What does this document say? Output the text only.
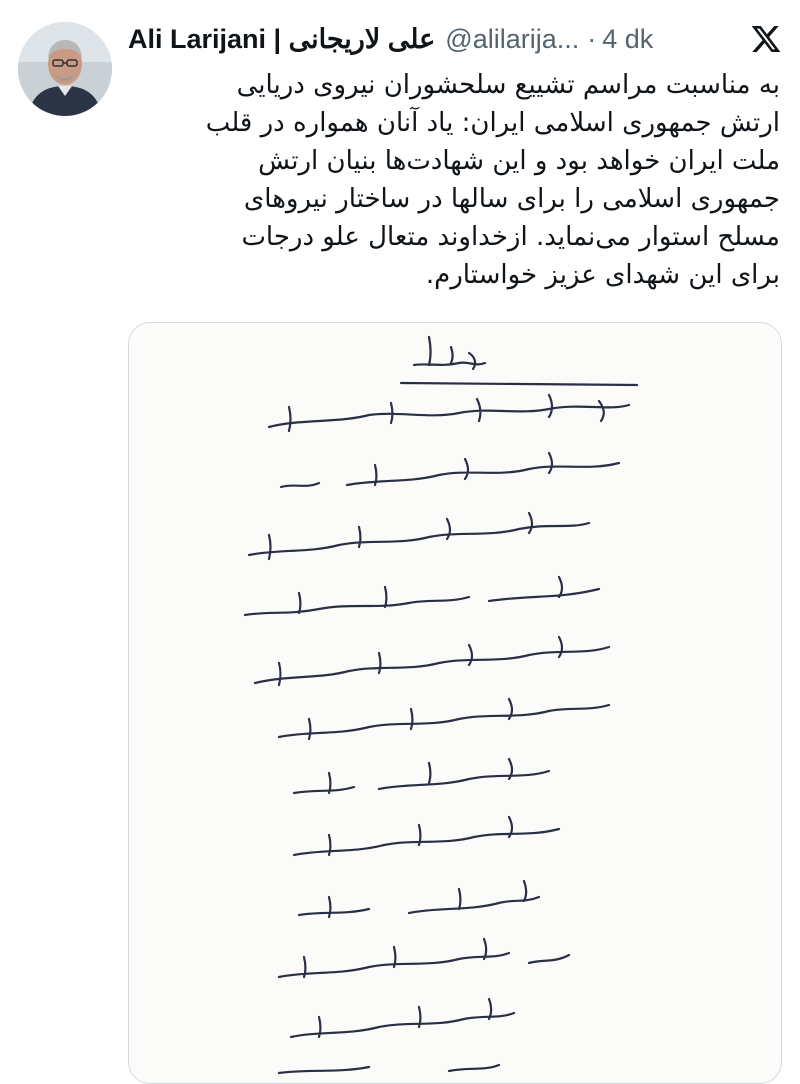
Ali Larijani | علی لاریجانی @alilarija... · 4 dk
به مناسبت مراسم تشییع سلحشوران نیروی دریایی
ارتش جمهوری اسلامی ایران: یاد آنان همواره در قلب
ملت ایران خواهد بود و این شهادت‌ها بنیان ارتش
جمهوری اسلامی را برای سالها در ساختار نیروهای
مسلح استوار می‌نماید. ازخداوند متعال علو درجات
برای این شهدای عزیز خواستارم.
